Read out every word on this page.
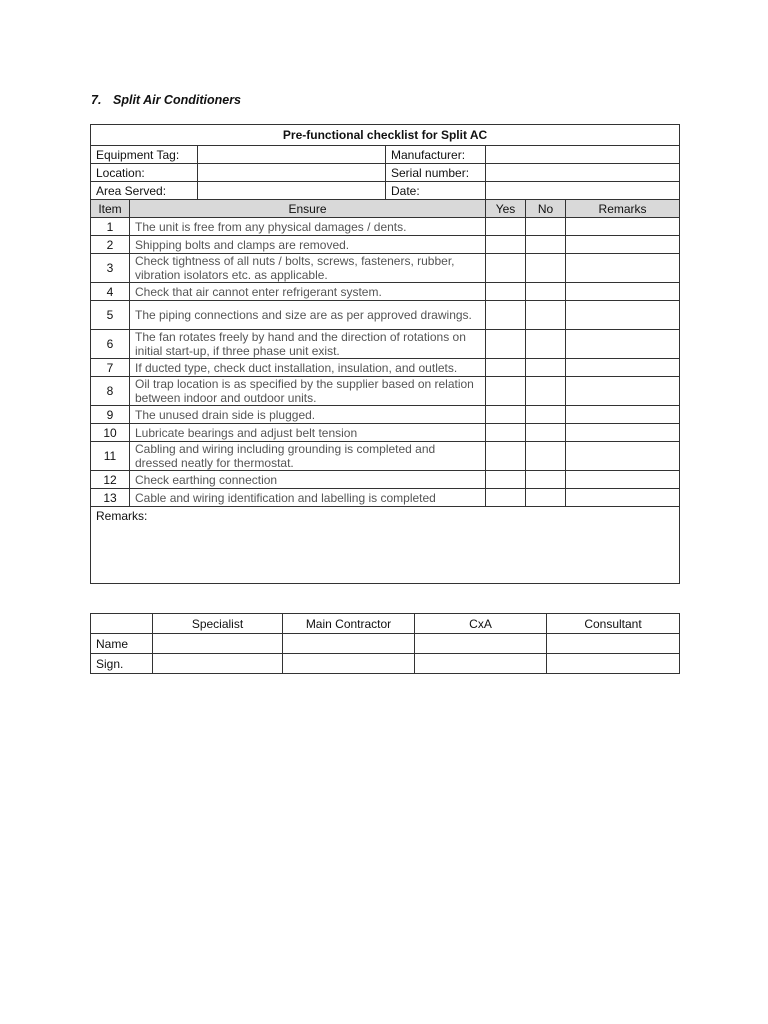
7. Split Air Conditioners
Pre-functional checklist for Split AC						
Equipment Tag:			Manufacturer:			
Location:			Serial number:			
Area Served:			Date:			
Item	Ensure			Yes	No	Remarks
1	The unit is free from any physical damages / dents.					
2	Shipping bolts and clamps are removed.					
3	Check tightness of all nuts / bolts, screws, fasteners, rubber, vibration isolators etc. as applicable.					
4	Check that air cannot enter refrigerant system.					
5	The piping connections and size are as per approved drawings.					
6	The fan rotates freely by hand and the direction of rotations on initial start-up, if three phase unit exist.					
7	If ducted type, check duct installation, insulation, and outlets.					
8	Oil trap location is as specified by the supplier based on relation between indoor and outdoor units.					
9	The unused drain side is plugged.					
10	Lubricate bearings and adjust belt tension					
11	Cabling and wiring including grounding is completed and dressed neatly for thermostat.					
12	Check earthing connection					
13	Cable and wiring identification and labelling is completed					
Remarks:						
	Specialist	Main Contractor	CxA	Consultant
Name				
Sign.				
